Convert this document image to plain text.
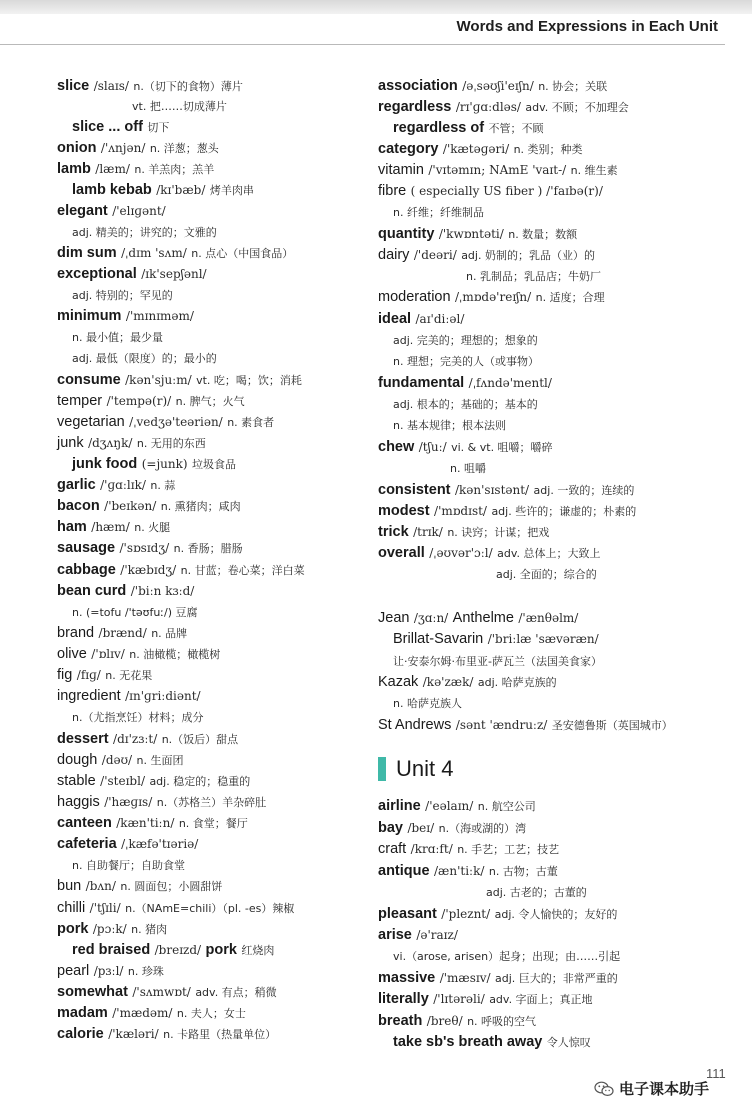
Words and Expressions in Each Unit
slice /slaɪs/ n.（切下的食物）薄片
vt. 把……切成薄片
slice ... off 切下
onion /'ʌnjən/ n. 洋葱；葱头
lamb /læm/ n. 羊羔肉；羔羊
lamb kebab /kɪ'bæb/ 烤羊肉串
elegant /'elɪɡənt/
adj. 精美的；讲究的；文雅的
dim sum /ˌdɪm 'sʌm/ n. 点心（中国食品）
exceptional /ɪk'sepʃənl/
adj. 特别的；罕见的
minimum /'mɪnɪməm/
n. 最小值；最少量
adj. 最低（限度）的；最小的
consume /kən'sjuːm/ vt. 吃；喝；饮；消耗
temper /'tempə(r)/ n. 脾气；火气
vegetarian /ˌvedʒə'teəriən/ n. 素食者
junk /dʒʌŋk/ n. 无用的东西
junk food (=junk) 垃圾食品
garlic /'ɡɑːlɪk/ n. 蒜
bacon /'beɪkən/ n. 熏猪肉；咸肉
ham /hæm/ n. 火腿
sausage /'sɒsɪdʒ/ n. 香肠；腊肠
cabbage /'kæbɪdʒ/ n. 甘蓝；卷心菜；洋白菜
bean curd /'biːn kɜːd/
n. (=tofu /'təʊfuː/) 豆腐
brand /brænd/ n. 品牌
olive /'ɒlɪv/ n. 油橄榄；橄榄树
fig /fɪɡ/ n. 无花果
ingredient /ɪn'ɡriːdiənt/
n.（尤指烹饪）材料；成分
dessert /dɪ'zɜːt/ n.（饭后）甜点
dough /dəʊ/ n. 生面团
stable /'steɪbl/ adj. 稳定的；稳重的
haggis /'hæɡɪs/ n.（苏格兰）羊杂碎肚
canteen /kæn'tiːn/ n. 食堂；餐厅
cafeteria /ˌkæfə'tɪəriə/
n. 自助餐厅；自助食堂
bun /bʌn/ n. 圆面包；小圆甜饼
chilli /'tʃɪli/ n.（NAmE=chili）（pl. -es）辣椒
pork /pɔːk/ n. 猪肉
red braised /breɪzd/ pork 红烧肉
pearl /pɜːl/ n. 珍珠
somewhat /'sʌmwɒt/ adv. 有点；稍微
madam /'mædəm/ n. 夫人；女士
calorie /'kæləri/ n. 卡路里（热量单位）
Unit 4
association /əˌsəʊʃi'eɪʃn/ n. 协会；关联
regardless /rɪ'ɡɑːdləs/ adv. 不顾；不加理会
regardless of 不管；不顾
category /'kætəɡəri/ n. 类别；种类
vitamin /'vɪtəmɪn; NAmE 'vaɪt-/ n. 维生素
fibre ( especially US fiber ) /'faɪbə(r)/
n. 纤维；纤维制品
quantity /'kwɒntəti/ n. 数量；数额
dairy /'deəri/ adj. 奶制的；乳品（业）的
n. 乳制品；乳品店；牛奶厂
moderation /ˌmɒdə'reɪʃn/ n. 适度；合理
ideal /aɪ'diːəl/
adj. 完美的；理想的；想象的
n. 理想；完美的人（或事物）
fundamental /ˌfʌndə'mentl/
adj. 根本的；基础的；基本的
n. 基本规律；根本法则
chew /tʃuː/ vi. & vt. 咀嚼；嚼碎
n. 咀嚼
consistent /kən'sɪstənt/ adj. 一致的；连续的
modest /'mɒdɪst/ adj. 些许的；谦虚的；朴素的
trick /trɪk/ n. 诀窍；计谋；把戏
overall /ˌəʊvər'ɔːl/ adv. 总体上；大致上
adj. 全面的；综合的
Jean /ʒɑːn/ Anthelme /'ænθəlm/
Brillat-Savarin /'briːlæ 'sævəræn/
让·安泰尔姆·布里亚-萨瓦兰（法国美食家）
Kazak /kə'zæk/ adj. 哈萨克族的
n. 哈萨克族人
St Andrews /sənt 'ændruːz/ 圣安德鲁斯（英国城市）
airline /'eəlaɪn/ n. 航空公司
bay /beɪ/ n.（海或湖的）湾
craft /krɑːft/ n. 手艺；工艺；技艺
antique /æn'tiːk/ n. 古物；古董
adj. 古老的；古董的
pleasant /'pleznt/ adj. 令人愉快的；友好的
arise /ə'raɪz/
vi.（arose, arisen）起身；出现；由……引起
massive /'mæsɪv/ adj. 巨大的；非常严重的
literally /'lɪtərəli/ adv. 字面上；真正地
breath /breθ/ n. 呼吸的空气
take sb's breath away 令人惊叹
111
电子课本助手
